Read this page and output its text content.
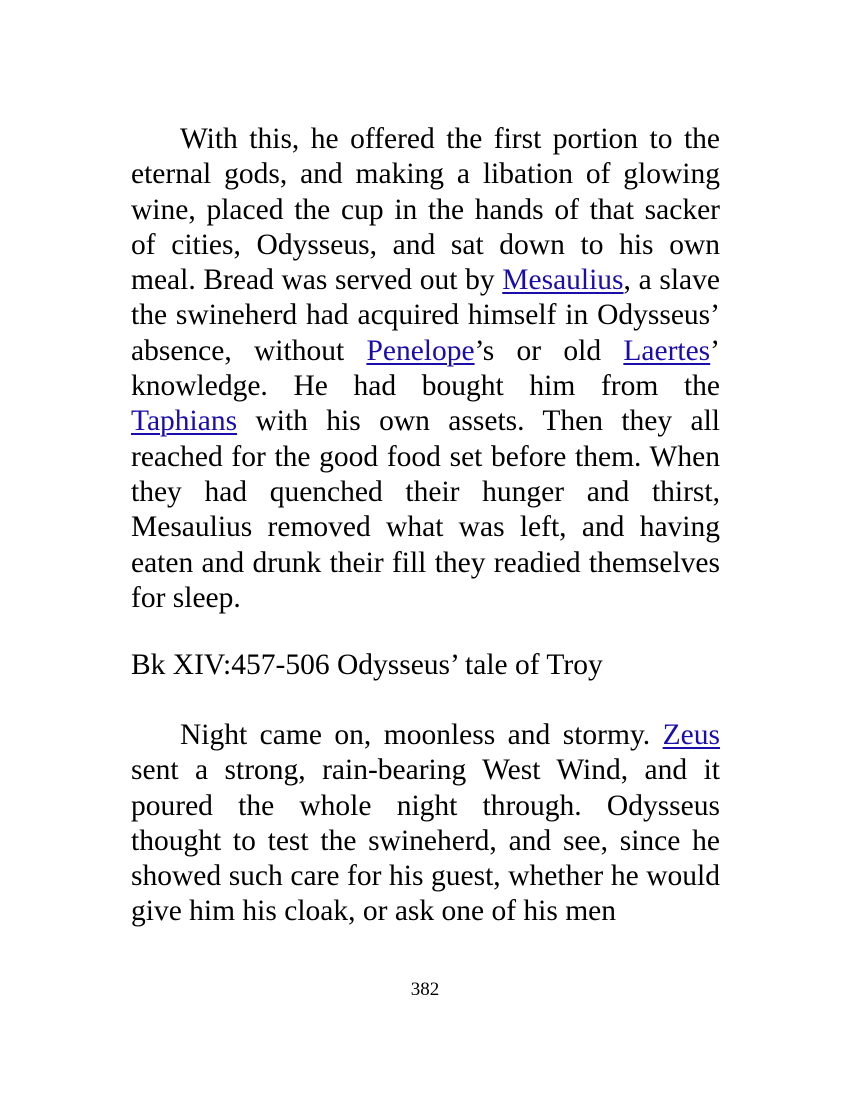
With this, he offered the first portion to the eternal gods, and making a libation of glowing wine, placed the cup in the hands of that sacker of cities, Odysseus, and sat down to his own meal. Bread was served out by Mesaulius, a slave the swineherd had acquired himself in Odysseus’ absence, without Penelope’s or old Laertes’ knowledge. He had bought him from the Taphians with his own assets. Then they all reached for the good food set before them. When they had quenched their hunger and thirst, Mesaulius removed what was left, and having eaten and drunk their fill they readied themselves for sleep.

Bk XIV:457-506 Odysseus’ tale of Troy

Night came on, moonless and stormy. Zeus sent a strong, rain-bearing West Wind, and it poured the whole night through. Odysseus thought to test the swineherd, and see, since he showed such care for his guest, whether he would give him his cloak, or ask one of his men

382
